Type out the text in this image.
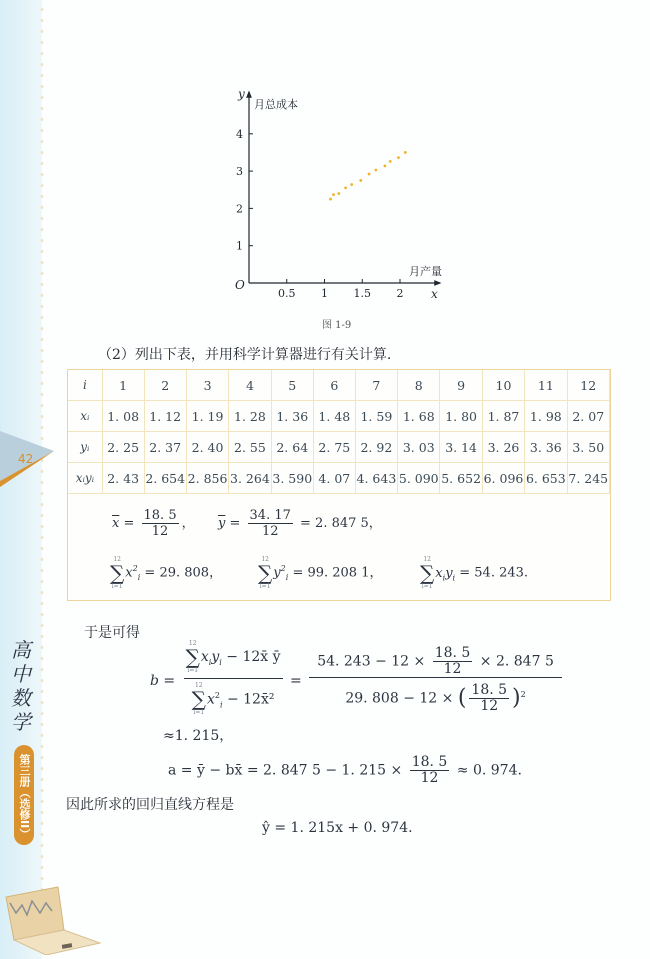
42
高
中
数
学
第三册（选修II）
0.5 1 1.5 2
1
2
3
4
y
月总成本
月产量
x
O
图 1-9
（2）列出下表，并用科学计算器进行有关计算.
i	1	2	3	4	5	6	7	8	9	10	11	12
xᵢ	1. 08	1. 12	1. 19	1. 28	1. 36	1. 48	1. 59	1. 68	1. 80	1. 87	1. 98	2. 07
yᵢ	2. 25	2. 37	2. 40	2. 55	2. 64	2. 75	2. 92	3. 03	3. 14	3. 26	3. 36	3. 50
xᵢyᵢ	2. 43	2. 654	2. 856	3. 264	3. 590	4. 07	4. 643	5. 090	5. 652	6. 096	6. 653	7. 245
$\overline{x} = \frac{18. 5}{12}$ ， $\overline{y} = \frac{34. 17}{12} = 2$. 847 5，
12
∑
i=1
$x^2_i = 29$. 808，
12
∑
i=1
$y^2_i = 99$. 208 1，
12
∑
i=1
$x_iy_i = 54$. 243.
于是可得
b = 12
∑
i=1
$x_iy_i$ − 12x̄ ȳ
12
∑
i=1
$x^2_i$ − 12x̄² = $\frac{54. 243 - 12 \times \frac{18. 5}{12} \times 2. 847 5}{29. 808 - 12 \times ( \frac{18. 5}{12} )^2}$
≈1. 215，
a = ȳ − bx̄ = 2. 847 5 − 1. $215 \times \frac{18. 5}{12} \approx 0$. 974.
因此所求的回归直线方程是
ŷ = 1. 215x + 0. 974.
